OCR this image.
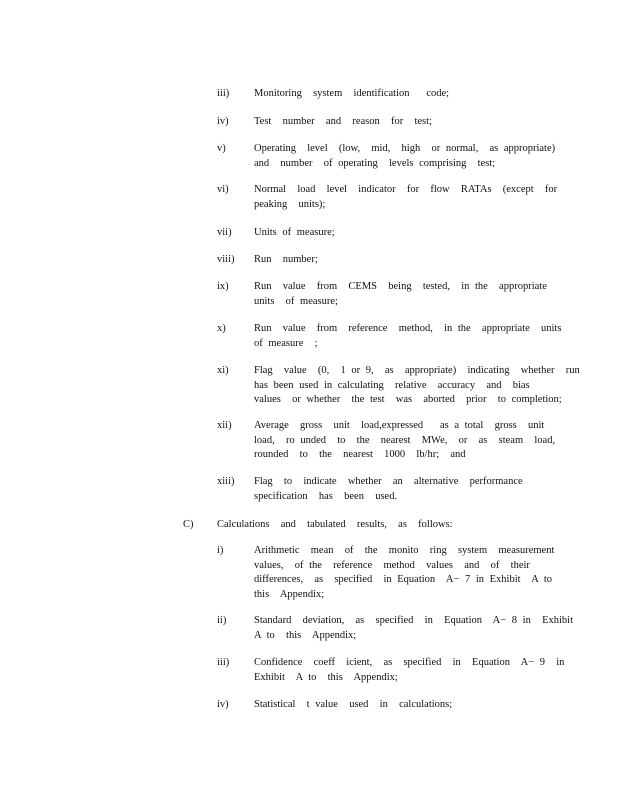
iii) Monitoring  system  identification   code;
iv) Test  number  and  reason  for  test;
v)	Operating  level  (low,  mid,  high  or normal,  as appropriate)
and  number  of operating  levels comprising  test;
vi) Normal  load  level  indicator  for  flow  RATAs  (except  for
peaking  units);
vii) Units of measure;
viii) Run  number;
ix) Run  value  from  CEMS  being  tested,  in the  appropriate
units  of measure;
x)	Run  value  from  reference  method,  in the  appropriate  units
of measure  ;
xi) Flag  value  (0,  1 or 9,  as  appropriate)  indicating  whether  run
has been used in calculating  relative  accuracy  and  bias
values  or whether  the test  was  aborted  prior  to completion;
xii) Average  gross  unit  load,expressed   as a total  gross  unit
load,  ro unded  to  the  nearest  MWe,  or  as  steam  load,
rounded  to  the  nearest  1000  lb/hr;  and
xiii) Flag  to  indicate  whether  an  alternative  performance
specification  has  been  used.
C) Calculations  and  tabulated  results,  as  follows:
i)	Arithmetic  mean  of  the  monito  ring  system  measurement
values,  of the  reference  method  values  and  of  their
differences,  as  specified  in Equation  A− 7 in Exhibit  A to
this  Appendix;
ii)	Standard  deviation,  as  specified  in  Equation  A− 8 in  Exhibit
A to  this  Appendix;
iii) Confidence  coeff  icient,  as  specified  in  Equation  A− 9  in
Exhibit  A to  this  Appendix;
iv) Statistical  t value  used  in  calculations;
